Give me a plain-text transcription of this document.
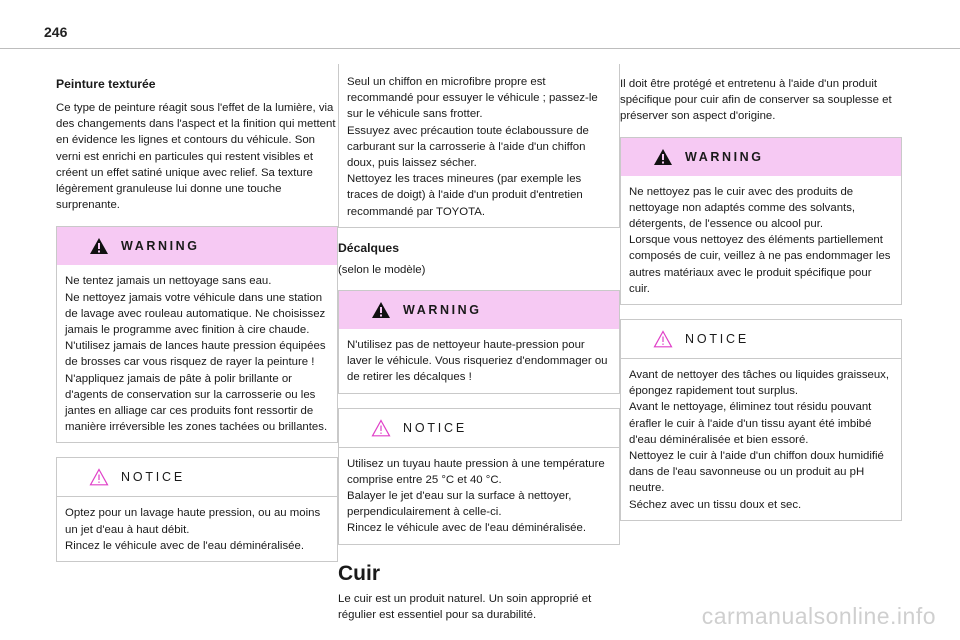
246
Peinture texturée

Ce type de peinture réagit sous l'effet de la lumière, via des changements dans l'aspect et la finition qui mettent en évidence les lignes et contours du véhicule. Son verni est enrichi en particules qui restent visibles et créent un effet satiné unique avec relief. Sa texture légèrement granuleuse lui donne une touche surprenante.

WARNING

Ne tentez jamais un nettoyage sans eau.
Ne nettoyez jamais votre véhicule dans une station de lavage avec rouleau automatique. Ne choisissez jamais le programme avec finition à cire chaude.
N'utilisez jamais de lances haute pression équipées de brosses car vous risquez de rayer la peinture !
N'appliquez jamais de pâte à polir brillante or d'agents de conservation sur la carrosserie ou les jantes en alliage car ces produits font ressortir de manière irréversible les zones tachées ou brillantes.

NOTICE

Optez pour un lavage haute pression, ou au moins un jet d'eau à haut débit.
Rincez le véhicule avec de l'eau déminéralisée.

Seul un chiffon en microfibre propre est recommandé pour essuyer le véhicule ; passez-le sur le véhicule sans frotter.
Essuyez avec précaution toute éclaboussure de carburant sur la carrosserie à l'aide d'un chiffon doux, puis laissez sécher.
Nettoyez les traces mineures (par exemple les traces de doigt) à l'aide d'un produit d'entretien recommandé par TOYOTA.

Décalques

(selon le modèle)

WARNING

N'utilisez pas de nettoyeur haute-pression pour laver le véhicule. Vous risqueriez d'endommager ou de retirer les décalques !

NOTICE

Utilisez un tuyau haute pression à une température comprise entre 25 °C et 40 °C.
Balayer le jet d'eau sur la surface à nettoyer, perpendiculairement à celle-ci.
Rincez le véhicule avec de l'eau déminéralisée.

Cuir

Le cuir est un produit naturel. Un soin approprié et régulier est essentiel pour sa durabilité.

Il doit être protégé et entretenu à l'aide d'un produit spécifique pour cuir afin de conserver sa souplesse et préserver son aspect d'origine.

WARNING

Ne nettoyez pas le cuir avec des produits de nettoyage non adaptés comme des solvants, détergents, de l'essence ou alcool pur.
Lorsque vous nettoyez des éléments partiellement composés de cuir, veillez à ne pas endommager les autres matériaux avec le produit spécifique pour cuir.

NOTICE

Avant de nettoyer des tâches ou liquides graisseux, épongez rapidement tout surplus.
Avant le nettoyage, éliminez tout résidu pouvant érafler le cuir à l'aide d'un tissu ayant été imbibé d'eau déminéralisée et bien essoré.
Nettoyez le cuir à l'aide d'un chiffon doux humidifié dans de l'eau savonneuse ou un produit au pH neutre.
Séchez avec un tissu doux et sec.

carmanualsonline.info
